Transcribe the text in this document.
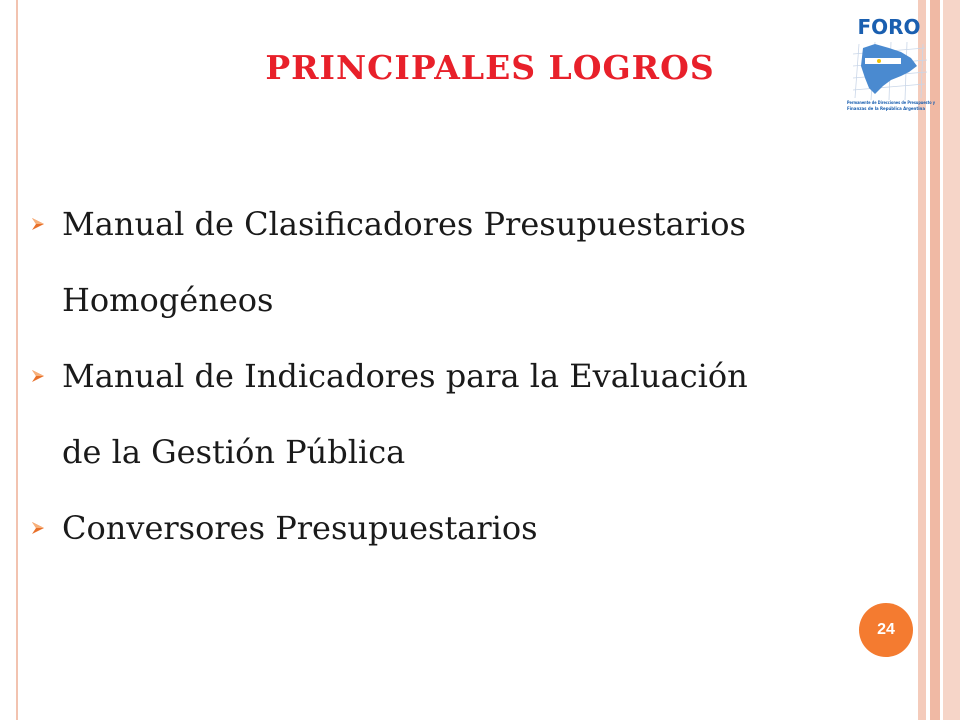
PRINCIPALES LOGROS
FORO
Permanente de Direcciones de Presupuesto y
Finanzas de la República Argentina
Manual de Clasificadores Presupuestarios
Homogéneos
Manual de Indicadores para la Evaluación
de la Gestión Pública
Conversores Presupuestarios
24
